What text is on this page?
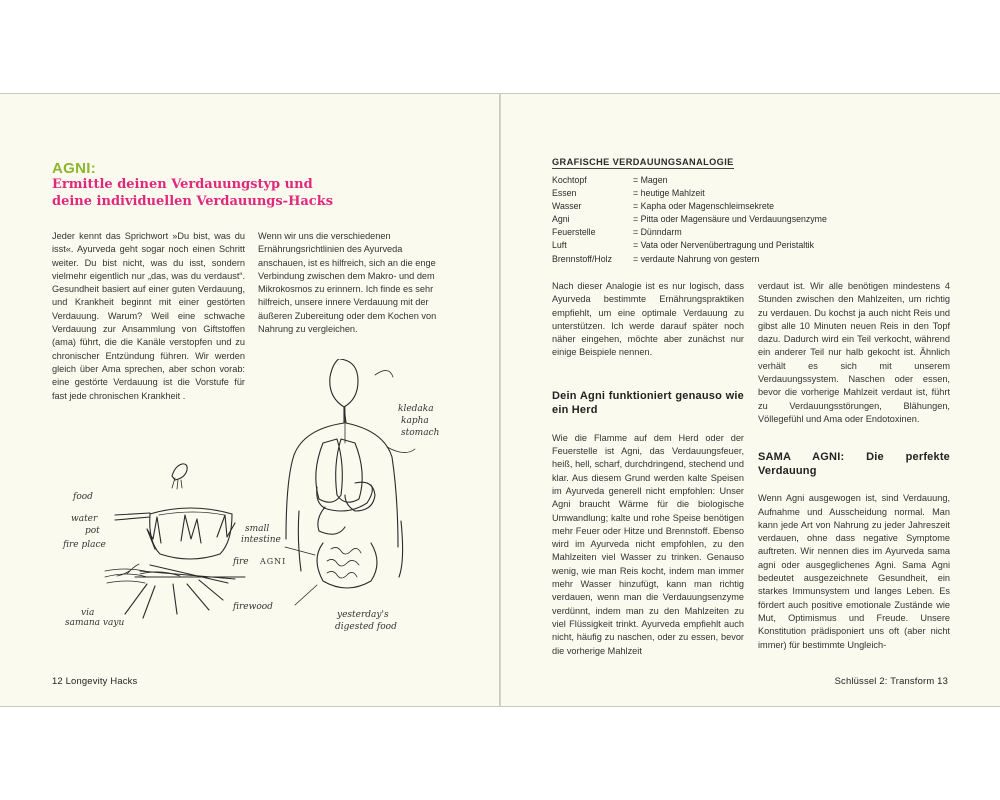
AGNI:
Ermittle deinen Verdauungstyp und
deine individuellen Verdauungs-Hacks

Jeder kennt das Sprichwort »Du bist, was du isst«. Ayurveda geht sogar noch einen Schritt weiter. Du bist nicht, was du isst, sondern vielmehr eigentlich nur „das, was du verdaust“. Gesundheit basiert auf einer guten Verdauung, und Krankheit beginnt mit einer gestörten Verdauung. Warum? Weil eine schwache Verdauung zur Ansammlung von Giftstoffen (ama) führt, die die Kanäle verstopfen und zu chronischer Entzündung führen. Wir werden gleich über Ama sprechen, aber schon vorab: eine gestörte Verdauung ist die Vorstufe für fast jede chronischen Krankheit .

Wenn wir uns die verschiedenen Ernährungsrichtlinien des Ayurveda anschauen, ist es hilfreich, sich an die enge Verbindung zwischen dem Makro- und dem Mikrokosmos zu erinnern. Ich finde es sehr hilfreich, unsere innere Verdauung mit der äußeren Zubereitung oder dem Kochen von Nahrung zu vergleichen.

food
water
pot
fire place
via
samana vayu
firewood
fire AGNI
kledaka
kapha
stomach
small
intestine
yesterday's
digested food
12 Longevity Hacks
GRAFISCHE VERDAUUNGSANALOGIE
Kochtopf	= Magen
Essen	= heutige Mahlzeit
Wasser	= Kapha oder Magenschleimsekrete
Agni	= Pitta oder Magensäure und Verdauungsenzyme
Feuerstelle	= Dünndarm
Luft	= Vata oder Nervenübertragung und Peristaltik
Brennstoff/Holz	= verdaute Nahrung von gestern

Nach dieser Analogie ist es nur logisch, dass Ayurveda bestimmte Ernährungspraktiken empfiehlt, um eine optimale Verdauung zu unterstützen. Ich werde darauf später noch näher eingehen, möchte aber zunächst nur einige Beispiele nennen.

Dein Agni funktioniert genauso wie ein Herd

Wie die Flamme auf dem Herd oder der Feuerstelle ist Agni, das Verdauungsfeuer, heiß, hell, scharf, durchdringend, stechend und klar. Aus diesem Grund werden kalte Speisen im Ayurveda generell nicht empfohlen: Unser Agni braucht Wärme für die biologische Umwandlung; kalte und rohe Speise benötigen mehr Feuer oder Hitze und Brennstoff. Ebenso wird im Ayurveda nicht empfohlen, zu den Mahlzeiten viel Wasser zu trinken. Genauso wenig, wie man Reis kocht, indem man immer mehr Wasser hinzufügt, kann man richtig verdauen, wenn man die Verdauungsenzyme verdünnt, indem man zu den Mahlzeiten zu viel Flüssigkeit trinkt. Ayurveda empfiehlt auch nicht, häufig zu naschen, oder zu essen, bevor die vorherige Mahlzeit

verdaut ist. Wir alle benötigen mindestens 4 Stunden zwischen den Mahlzeiten, um richtig zu verdauen. Du kochst ja auch nicht Reis und gibst alle 10 Minuten neuen Reis in den Topf dazu. Dadurch wird ein Teil verkocht, während ein anderer Teil nur halb gekocht ist. Ähnlich verhält es sich mit unserem Verdauungssystem. Naschen oder essen, bevor die vorherige Mahlzeit verdaut ist, führt zu Verdauungsstörungen, Blähungen, Völlegefühl und Ama oder Endotoxinen.

SAMA AGNI: Die perfekte Verdauung

Wenn Agni ausgewogen ist, sind Verdauung, Aufnahme und Ausscheidung normal. Man kann jede Art von Nahrung zu jeder Jahreszeit verdauen, ohne dass negative Symptome auftreten. Wir nennen dies im Ayurveda sama agni oder ausgeglichenes Agni. Sama Agni bedeutet ausgezeichnete Gesundheit, ein starkes Immunsystem und langes Leben. Es fördert auch positive emotionale Zustände wie Mut, Optimismus und Freude. Unsere Konstitution prädisponiert uns oft (aber nicht immer) für bestimmte Ungleich-

Schlüssel 2: Transform 13
